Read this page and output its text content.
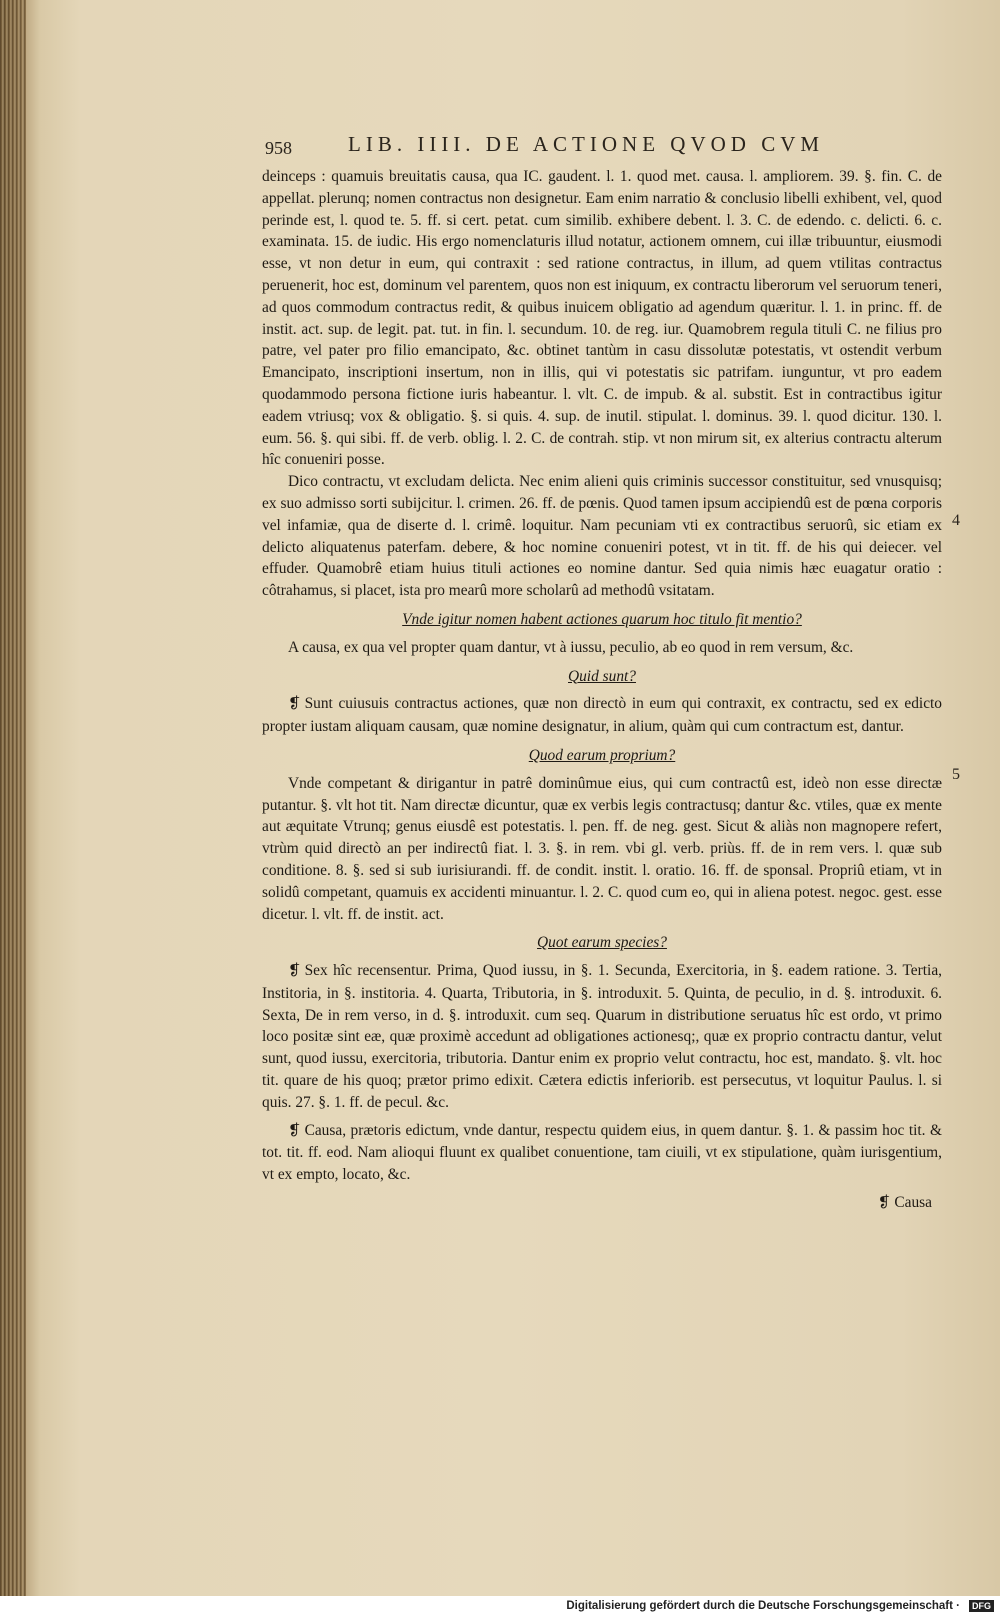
958	LIB. IIII. DE ACTIONE QVOD CVM

deinceps : quamuis breuitatis causa, qua IC. gaudent. l. 1. quod met. causa. l. ampliorem. 39. §. fin. C. de appellat. plerunq; nomen contractus non designetur. Eam enim narratio & conclusio libelli exhibent, vel, quod perinde est, l. quod te. 5. ff. si cert. petat. cum similib. exhibere debent. l. 3. C. de edendo. c. delicti. 6. c. examinata. 15. de iudic. His ergo nomenclaturis illud notatur, actionem omnem, cui illæ tribuuntur, eiusmodi esse, vt non detur in eum, qui contraxit : sed ratione contractus, in illum, ad quem vtilitas contractus peruenerit, hoc est, dominum vel parentem, quos non est iniquum, ex contractu liberorum vel seruorum teneri, ad quos commodum contractus redit, & quibus inuicem obligatio ad agendum quæritur. l. 1. in princ. ff. de instit. act. sup. de legit. pat. tut. in fin. l. secundum. 10. de reg. iur. Quamobrem regula tituli C. ne filius pro patre, vel pater pro filio emancipato, &c. obtinet tantùm in casu dissolutæ potestatis, vt ostendit verbum Emancipato, inscriptioni insertum, non in illis, qui vi potestatis sic patrifam. iunguntur, vt pro eadem quodammodo persona fictione iuris habeantur. l. vlt. C. de impub. & al. substit. Est in contractibus igitur eadem vtriusq; vox & obligatio. §. si quis. 4. sup. de inutil. stipulat. l. dominus. 39. l. quod dicitur. 130. l. eum. 56. §. qui sibi. ff. de verb. oblig. l. 2. C. de contrah. stip. vt non mirum sit, ex alterius contractu alterum hîc conueniri posse.

Dico contractu, vt excludam delicta. Nec enim alieni quis criminis successor constituitur, sed vnusquisq; ex suo admisso sorti subijcitur. l. crimen. 26. ff. de pœnis. Quod tamen ipsum accipiendû est de pœna corporis vel infamiæ, qua de diserte d. l. crimê. loquitur. Nam pecuniam vti ex contractibus seruorû, sic etiam ex delicto aliquatenus paterfam. debere, & hoc nomine conueniri potest, vt in tit. ff. de his qui deiecer. vel effuder. Quamobrê etiam huius tituli actiones eo nomine dantur. Sed quia nimis hæc euagatur oratio : côtrahamus, si placet, ista pro mearû more scholarû ad methodû vsitatam.

Vnde igitur nomen habent actiones quarum hoc titulo fit mentio?

A causa, ex qua vel propter quam dantur, vt à iussu, peculio, ab eo quod in rem versum, &c.

Quid sunt?

❡ Sunt cuiusuis contractus actiones, quæ non directò in eum qui contraxit, ex contractu, sed ex edicto propter iustam aliquam causam, quæ nomine designatur, in alium, quàm qui cum contractum est, dantur.

Quod earum proprium?

Vnde competant & dirigantur in patrê dominûmue eius, qui cum contractû est, ideò non esse directæ putantur. §. vlt hot tit. Nam directæ dicuntur, quæ ex verbis legis contractusq; dantur &c. vtiles, quæ ex mente aut æquitate Vtrunq; genus eiusdê est potestatis. l. pen. ff. de neg. gest. Sicut & aliàs non magnopere refert, vtrùm quid directò an per indirectû fiat. l. 3. §. in rem. vbi gl. verb. priùs. ff. de in rem vers. l. quæ sub conditione. 8. §. sed si sub iurisiurandi. ff. de condit. instit. l. oratio. 16. ff. de sponsal. Propriû etiam, vt in solidû competant, quamuis ex accidenti minuantur. l. 2. C. quod cum eo, qui in aliena potest. negoc. gest. esse dicetur. l. vlt. ff. de instit. act.

Quot earum species?

❡ Sex hîc recensentur. Prima, Quod iussu, in §. 1. Secunda, Exercitoria, in §. eadem ratione. 3. Tertia, Institoria, in §. institoria. 4. Quarta, Tributoria, in §. introduxit. 5. Quinta, de peculio, in d. §. introduxit. 6. Sexta, De in rem verso, in d. §. introduxit. cum seq. Quarum in distributione seruatus hîc est ordo, vt primo loco positæ sint eæ, quæ proximè accedunt ad obligationes actionesq;, quæ ex proprio contractu dantur, velut sunt, quod iussu, exercitoria, tributoria. Dantur enim ex proprio velut contractu, hoc est, mandato. §. vlt. hoc tit. quare de his quoq; prætor primo edixit. Cætera edictis inferiorib. est persecutus, vt loquitur Paulus. l. si quis. 27. §. 1. ff. de pecul. &c.

❡ Causa, prætoris edictum, vnde dantur, respectu quidem eius, in quem dantur. §. 1. & passim hoc tit. & tot. tit. ff. eod. Nam alioqui fluunt ex qualibet conuentione, tam ciuili, vt ex stipulatione, quàm iurisgentium, vt ex empto, locato, &c.

❡ Causa

4
5
Digitalisierung gefördert durch die Deutsche Forschungsgemeinschaft ·	DFG
